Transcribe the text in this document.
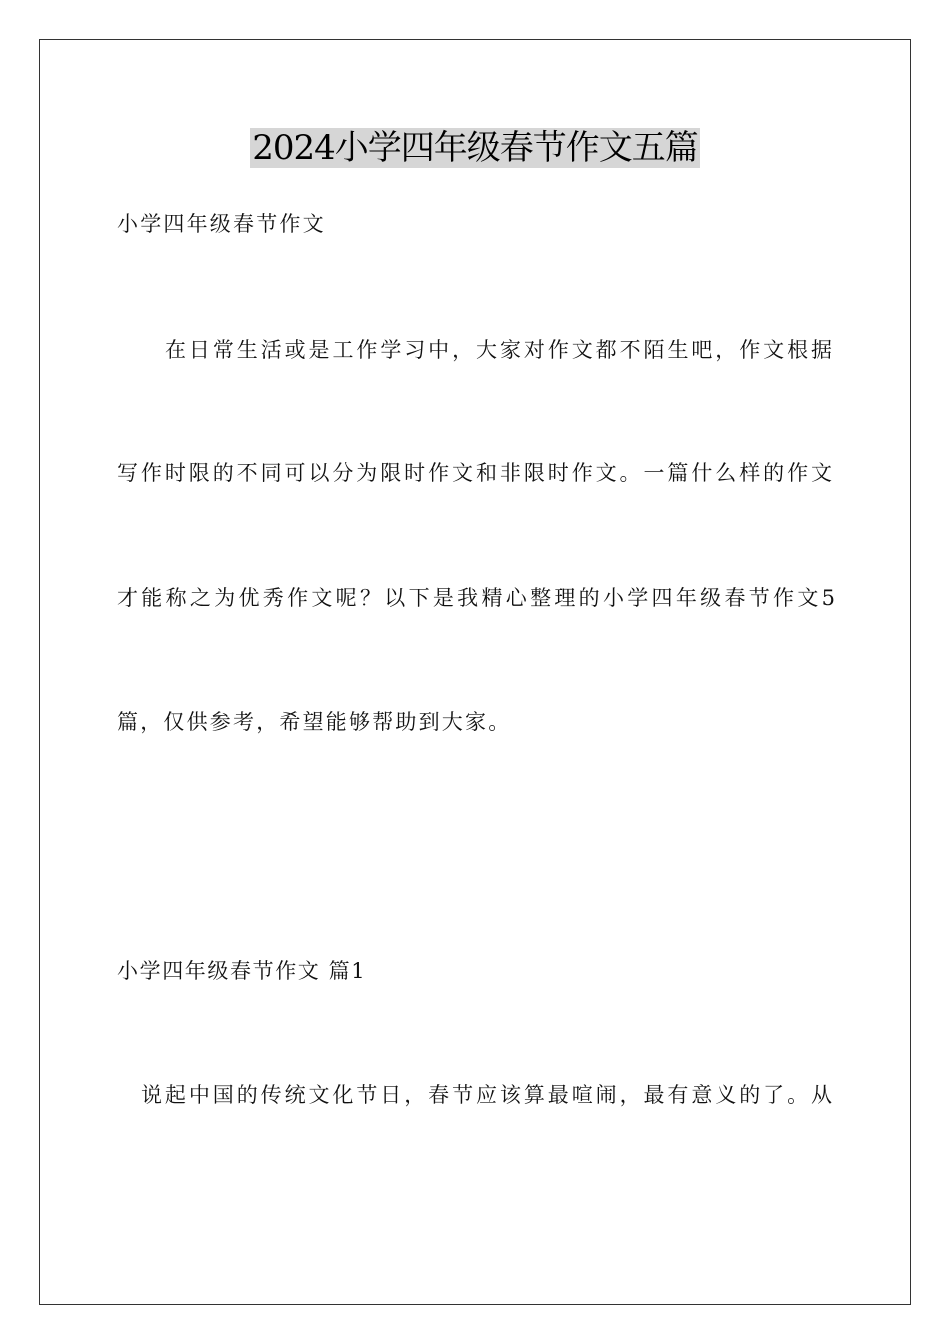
2024小学四年级春节作文五篇
小学四年级春节作文
在日常生活或是工作学习中，大家对作文都不陌生吧，作文根据
写作时限的不同可以分为限时作文和非限时作文。一篇什么样的作文
才能称之为优秀作文呢？以下是我精心整理的小学四年级春节作文5
篇，仅供参考，希望能够帮助到大家。
小学四年级春节作文 篇1
说起中国的传统文化节日，春节应该算最喧闹，最有意义的了。从
